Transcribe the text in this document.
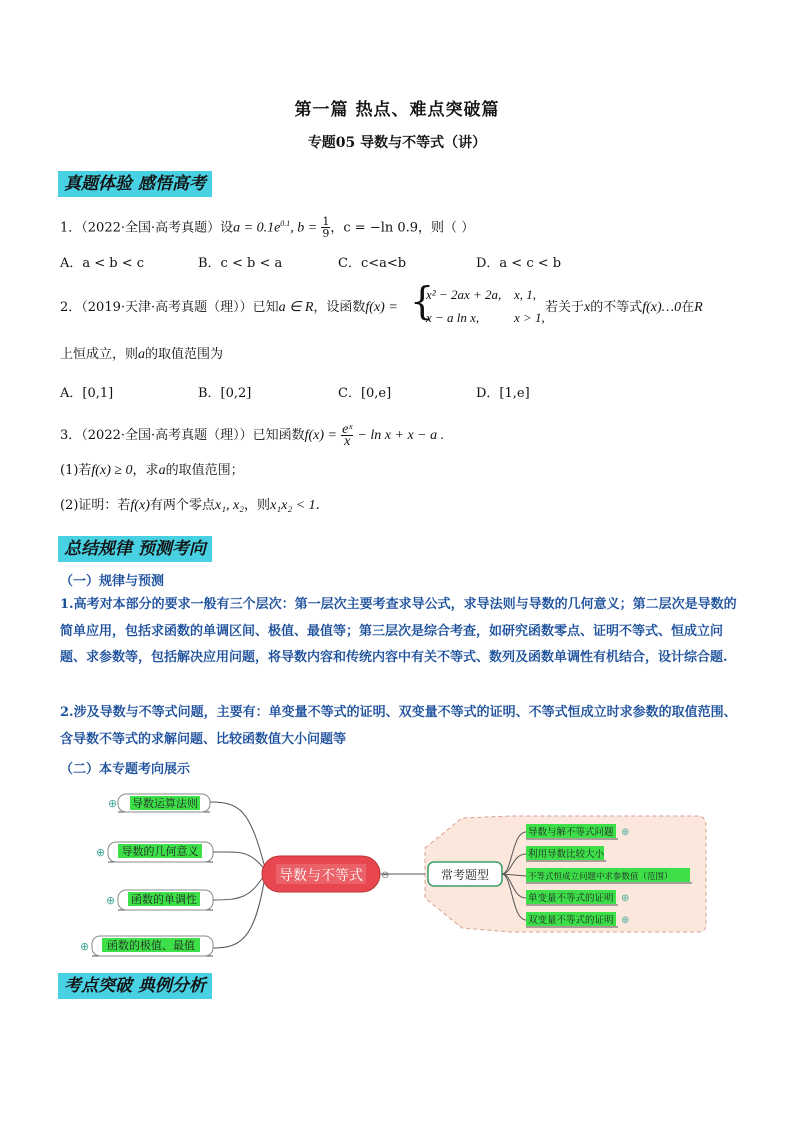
第一篇 热点、难点突破篇
专题05 导数与不等式（讲）
真题体验 感悟高考
1．（2022·全国·高考真题）设$a = 0.1e^{0.1}$, $b = \frac{1}{9}$ ，c = −ln 0.9，则（ ）
A．a < b < c	B．c < b < a	C．c<a<b	D．a < c < b
2．（2019·天津·高考真题（理））已知a ∈ R，设函数f(x) = {
x² − 2ax + 2a, x, 1,
x − a ln x,	x > 1,
若关于x的不等式f(x)…0在R
上恒成立，则a的取值范围为
A．[0,1]	B．[0,2]	C．[0,e]	D．[1,e]
3．（2022·全国·高考真题（理））已知函数$f(x) = \frac{\text{eˣ}}{x} - \ln x + x - a$ .
(1)若f(x) ≥ 0，求a的取值范围；
(2)证明：若f(x)有两个零点x₁, x₂，则x₁x₂ < 1.
总结规律 预测考向
（一）规律与预测
1.高考对本部分的要求一般有三个层次：第一层次主要考查求导公式，求导法则与导数的几何意义；第二层次是导数的简单应用，包括求函数的单调区间、极值、最值等；第三层次是综合考查，如研究函数零点、证明不等式、恒成立问题、求参数等，包括解决应用问题，将导数内容和传统内容中有关不等式、数列及函数单调性有机结合，设计综合题.
2.涉及导数与不等式问题，主要有：单变量不等式的证明、双变量不等式的证明、不等式恒成立时求参数的取值范围、含导数不等式的求解问题、比较函数值大小问题等
（二）本专题考向展示
⊕
⊕
⊕
⊕
导数运算法则
导数的几何意义
函数的单调性
函数的极值、最值
导数与不等式 ⊖	常考题型
导数与解不等式问题
利用导数比较大小
不等式恒成立问题中求参数值（范围）
单变量不等式的证明
双变量不等式的证明
⊕
⊕
⊕
考点突破 典例分析
